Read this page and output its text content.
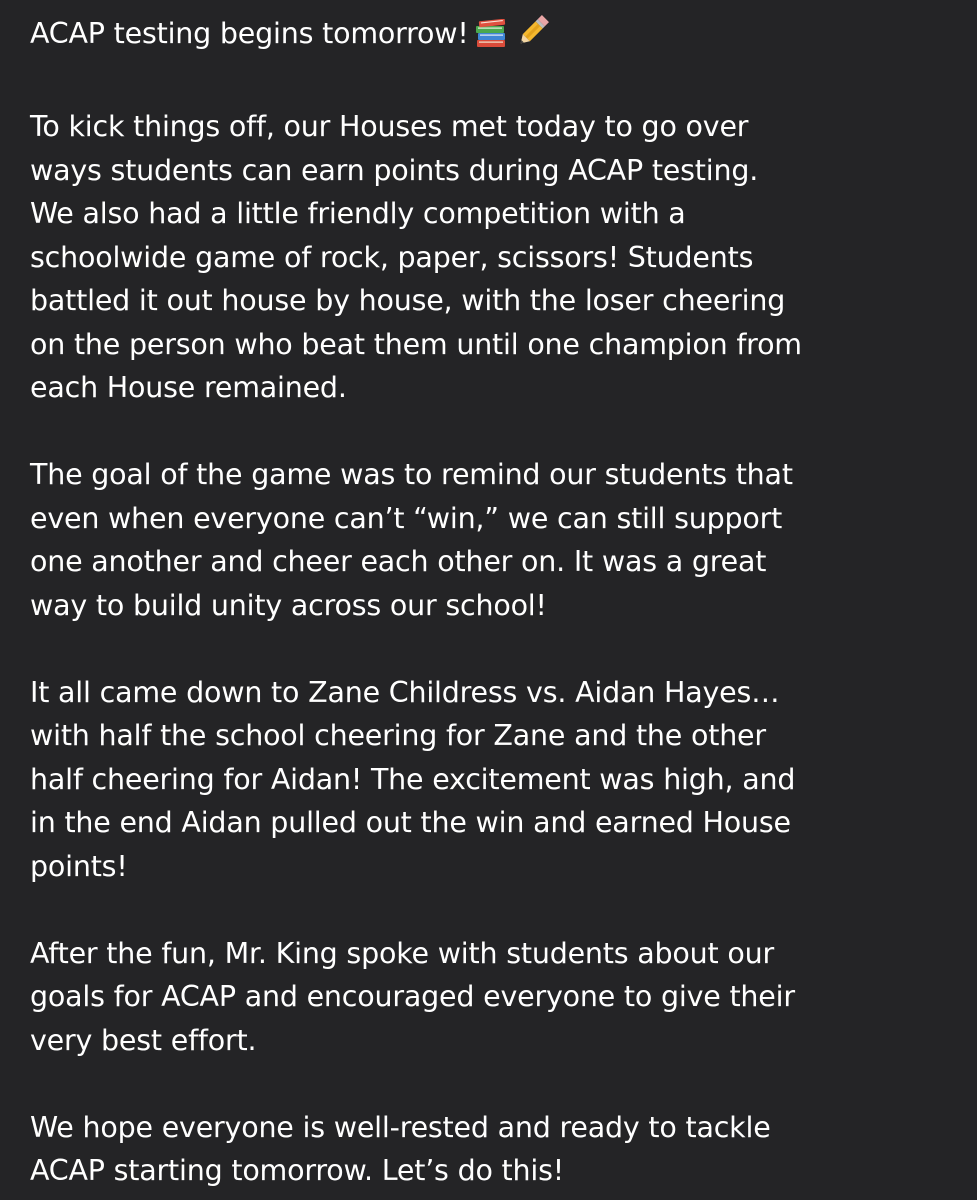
ACAP testing begins tomorrow!

To kick things off, our Houses met today to go over
ways students can earn points during ACAP testing.
We also had a little friendly competition with a
schoolwide game of rock, paper, scissors! Students
battled it out house by house, with the loser cheering
on the person who beat them until one champion from
each House remained.

The goal of the game was to remind our students that
even when everyone can’t “win,” we can still support
one another and cheer each other on. It was a great
way to build unity across our school!

It all came down to Zane Childress vs. Aidan Hayes…
with half the school cheering for Zane and the other
half cheering for Aidan! The excitement was high, and
in the end Aidan pulled out the win and earned House
points!

After the fun, Mr. King spoke with students about our
goals for ACAP and encouraged everyone to give their
very best effort.

We hope everyone is well-rested and ready to tackle
ACAP starting tomorrow. Let’s do this!
